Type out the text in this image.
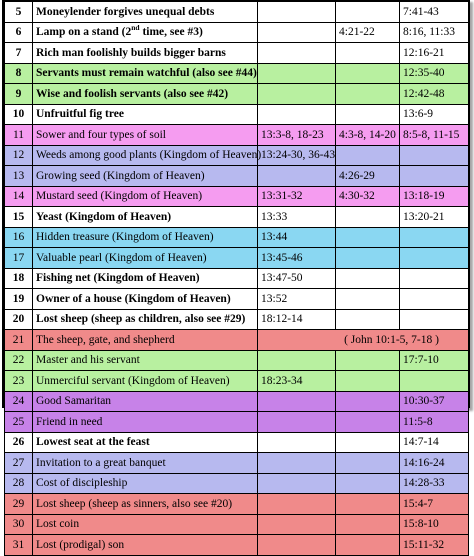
5	Moneylender forgives unequal debts			7:41-43
6	Lamp on a stand (2nd time, see #3)		4:21-22	8:16, 11:33
7	Rich man foolishly builds bigger barns			12:16-21
8	Servants must remain watchful (also see #44)			12:35-40
9	Wise and foolish servants (also see #42)			12:42-48
10	Unfruitful fig tree			13:6-9
11	Sower and four types of soil	13:3-8, 18-23	4:3-8, 14-20	8:5-8, 11-15
12	Weeds among good plants (Kingdom of Heaven)	13:24-30, 36-43		
13	Growing seed (Kingdom of Heaven)		4:26-29	
14	Mustard seed (Kingdom of Heaven)	13:31-32	4:30-32	13:18-19
15	Yeast (Kingdom of Heaven)	13:33		13:20-21
16	Hidden treasure (Kingdom of Heaven)	13:44		
17	Valuable pearl (Kingdom of Heaven)	13:45-46		
18	Fishing net (Kingdom of Heaven)	13:47-50		
19	Owner of a house (Kingdom of Heaven)	13:52		
20	Lost sheep (sheep as children, also see #29)	18:12-14		
21	The sheep, gate, and shepherd	( John 10:1-5, 7-18 )		
22	Master and his servant			17:7-10
23	Unmerciful servant (Kingdom of Heaven)	18:23-34		
24	Good Samaritan			10:30-37
25	Friend in need			11:5-8
26	Lowest seat at the feast			14:7-14
27	Invitation to a great banquet			14:16-24
28	Cost of discipleship			14:28-33
29	Lost sheep (sheep as sinners, also see #20)			15:4-7
30	Lost coin			15:8-10
31	Lost (prodigal) son			15:11-32
